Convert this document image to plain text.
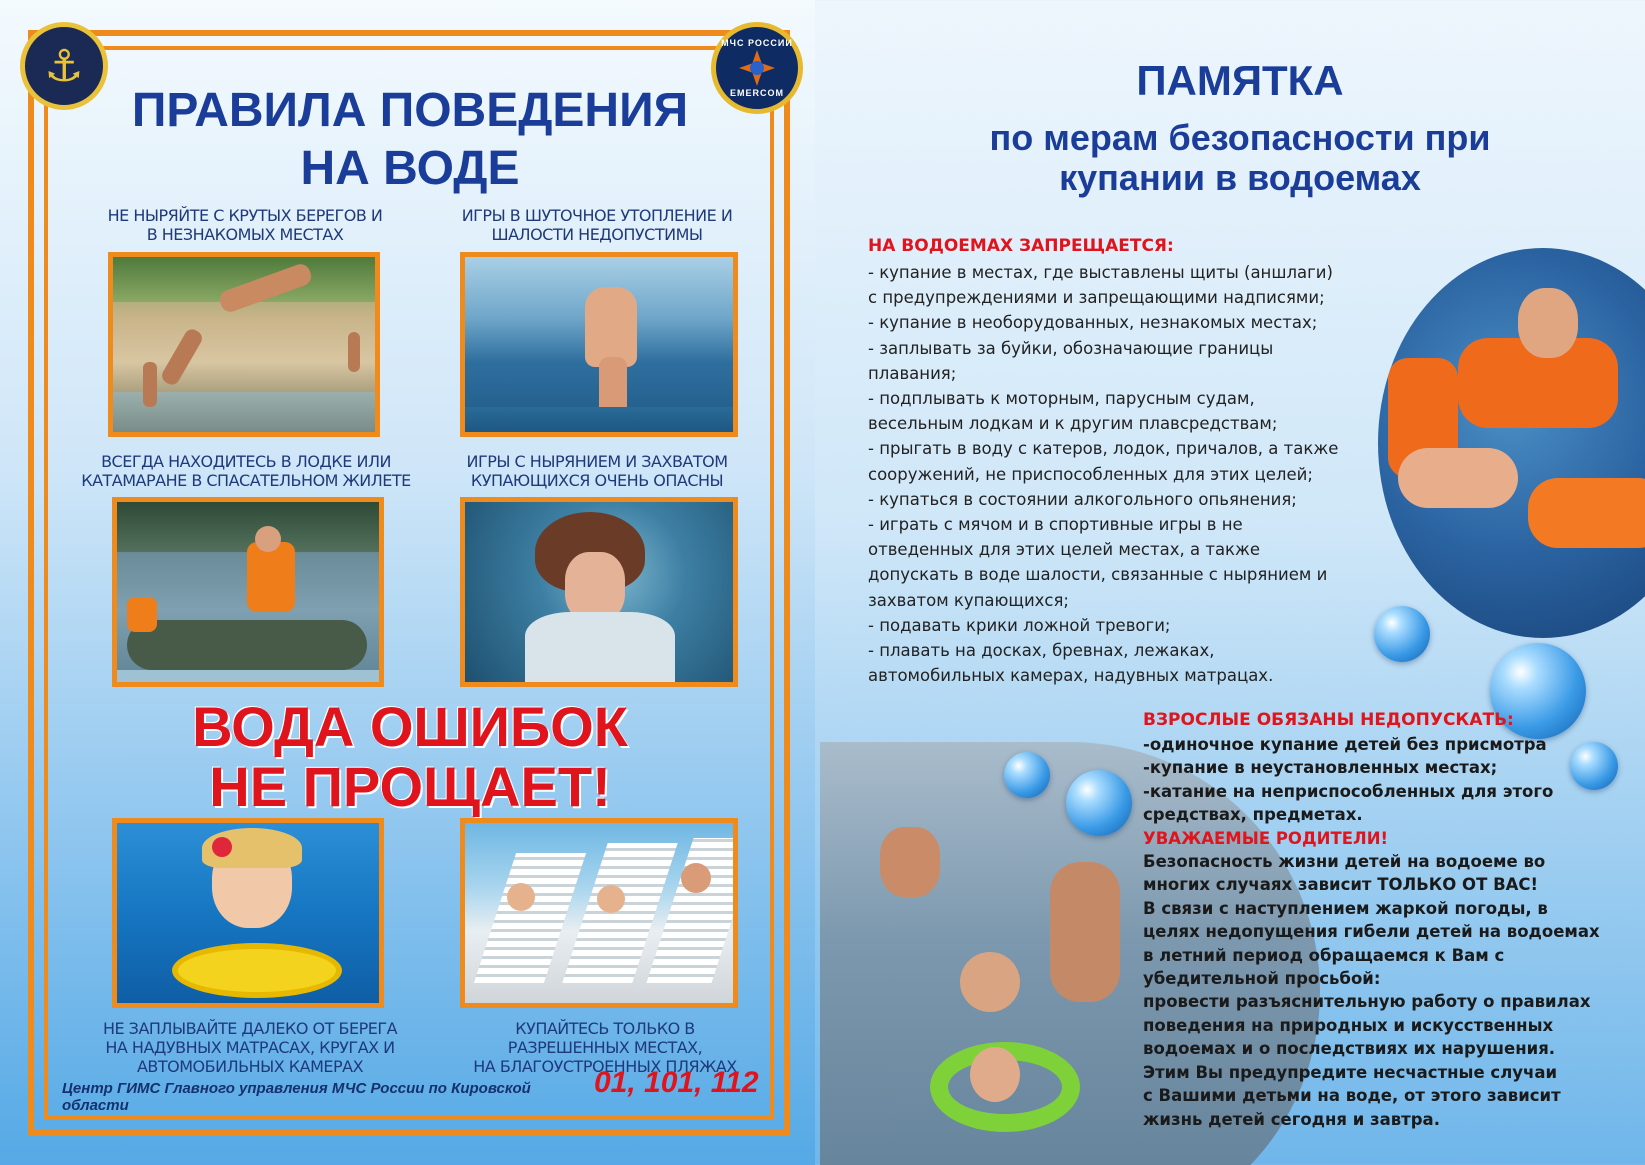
⚓	МЧС РОССИИ
EMERCOM
ПРАВИЛА ПОВЕДЕНИЯ
НА ВОДЕ
НЕ НЫРЯЙТЕ С КРУТЫХ БЕРЕГОВ И
В НЕЗНАКОМЫХ МЕСТАХ
ИГРЫ В ШУТОЧНОЕ УТОПЛЕНИЕ И
ШАЛОСТИ НЕДОПУСТИМЫ
ВСЕГДА НАХОДИТЕСЬ В ЛОДКЕ ИЛИ
КАТАМАРАНЕ В СПАСАТЕЛЬНОМ ЖИЛЕТЕ
ИГРЫ С НЫРЯНИЕМ И ЗАХВАТОМ
КУПАЮЩИХСЯ ОЧЕНЬ ОПАСНЫ
ВОДА ОШИБОК
НЕ ПРОЩАЕТ!
НЕ ЗАПЛЫВАЙТЕ ДАЛЕКО ОТ БЕРЕГА
НА НАДУВНЫХ МАТРАСАХ, КРУГАХ И
АВТОМОБИЛЬНЫХ КАМЕРАХ
КУПАЙТЕСЬ ТОЛЬКО В
РАЗРЕШЕННЫХ МЕСТАХ,
НА БЛАГОУСТРОЕННЫХ ПЛЯЖАХ
Центр ГИМС Главного управления МЧС России по Кировской области
01, 101, 112
ПАМЯТКА
по мерам безопасности при
купании в водоемах
НА ВОДОЕМАХ ЗАПРЕЩАЕТСЯ:
- купание в местах, где выставлены щиты (аншлаги)
с предупреждениями и запрещающими надписями;
- купание в необорудованных, незнакомых местах;
- заплывать за буйки, обозначающие границы
плавания;
- подплывать к моторным, парусным судам,
весельным лодкам и к другим плавсредствам;
- прыгать в воду с катеров, лодок, причалов, а также
сооружений, не приспособленных для этих целей;
- купаться в состоянии алкогольного опьянения;
- играть с мячом и в спортивные игры в не
отведенных для этих целей местах, а также
допускать в воде шалости, связанные с нырянием и
захватом купающихся;
- подавать крики ложной тревоги;
- плавать на досках, бревнах, лежаках,
автомобильных камерах, надувных матрацах.
ВЗРОСЛЫЕ ОБЯЗАНЫ НЕДОПУСКАТЬ:
-одиночное купание детей без присмотра
-купание в неустановленных местах;
-катание на неприспособленных для этого
средствах, предметах.
УВАЖАЕМЫЕ РОДИТЕЛИ!
Безопасность жизни детей на водоеме во
многих случаях зависит ТОЛЬКО ОТ ВАС!
В связи с наступлением жаркой погоды, в
целях недопущения гибели детей на водоемах
в летний период обращаемся к Вам с
убедительной просьбой:
провести разъяснительную работу о правилах
поведения на природных и искусственных
водоемах и о последствиях их нарушения.
Этим Вы предупредите несчастные случаи
с Вашими детьми на воде, от этого зависит
жизнь детей сегодня и завтра.
